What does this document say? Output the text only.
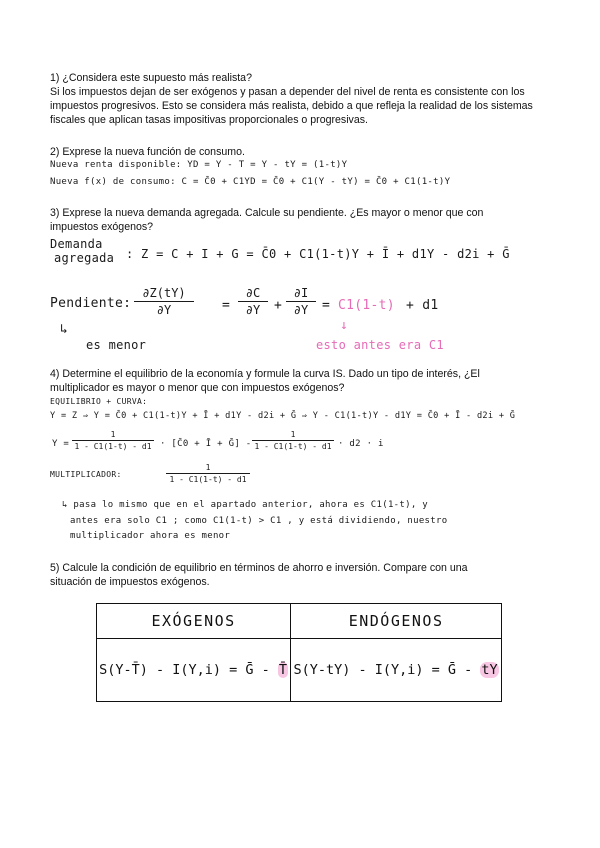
1) ¿Considera este supuesto más realista?
Si los impuestos dejan de ser exógenos y pasan a depender del nivel de renta es consistente con los
impuestos progresivos. Esto se considera más realista, debido a que refleja la realidad de los sistemas
fiscales que aplican tasas impositivas proporcionales o progresivas.
2) Exprese la nueva función de consumo.
Nueva renta disponible: YD = Y - T = Y - tY = (1-t)Y
Nueva f(x) de consumo: C = C̄0 + C1YD = C̄0 + C1(Y - tY) = C̄0 + C1(1-t)Y
3) Exprese la nueva demanda agregada. Calcule su pendiente. ¿Es mayor o menor que con
impuestos exógenos?
Demanda
agregada : Z = C + I + G = C̄0 + C1(1-t)Y + Ī + d1Y - d2i + Ḡ
Pendiente: $\frac{\partial Z(tY)}{\partial Y} = \frac{\partial C}{\partial Y} + \frac{\partial I}{\partial Y} = C1(1-t) + d1$
↓
esto antes era C1
↳
es menor
4) Determine el equilibrio de la economía y formule la curva IS. Dado un tipo de interés, ¿El
multiplicador es mayor o menor que con impuestos exógenos?
EQUILIBRIO + CURVA:
Y = Z ⇒ Y = C̄0 + C1(1-t)Y + Ī + d1Y - d2i + Ḡ ⇒ Y - C1(1-t)Y - d1Y = C̄0 + Ī - d2i + Ḡ
$Y = \frac{1}{1 - C1(1-t) - d1}$ · [C̄0 + Ī + Ḡ] - $\frac{1}{1 - C1(1-t) - d1} \cdot d2 \cdot i$
MULTIPLICADOR:	$\frac{1}{1 - C1(1-t) - d1}$
↳ pasa lo mismo que en el apartado anterior, ahora es C1(1-t), y
antes era solo C1 ; como C1(1-t) > C1 , y está dividiendo, nuestro
multiplicador ahora es menor
5) Calcule la condición de equilibrio en términos de ahorro e inversión. Compare con una
situación de impuestos exógenos.
EXÓGENOS	ENDÓGENOS
S(Y-T̄) - I(Y,i) = Ḡ - T̄	S(Y-tY) - I(Y,i) = Ḡ - tY
